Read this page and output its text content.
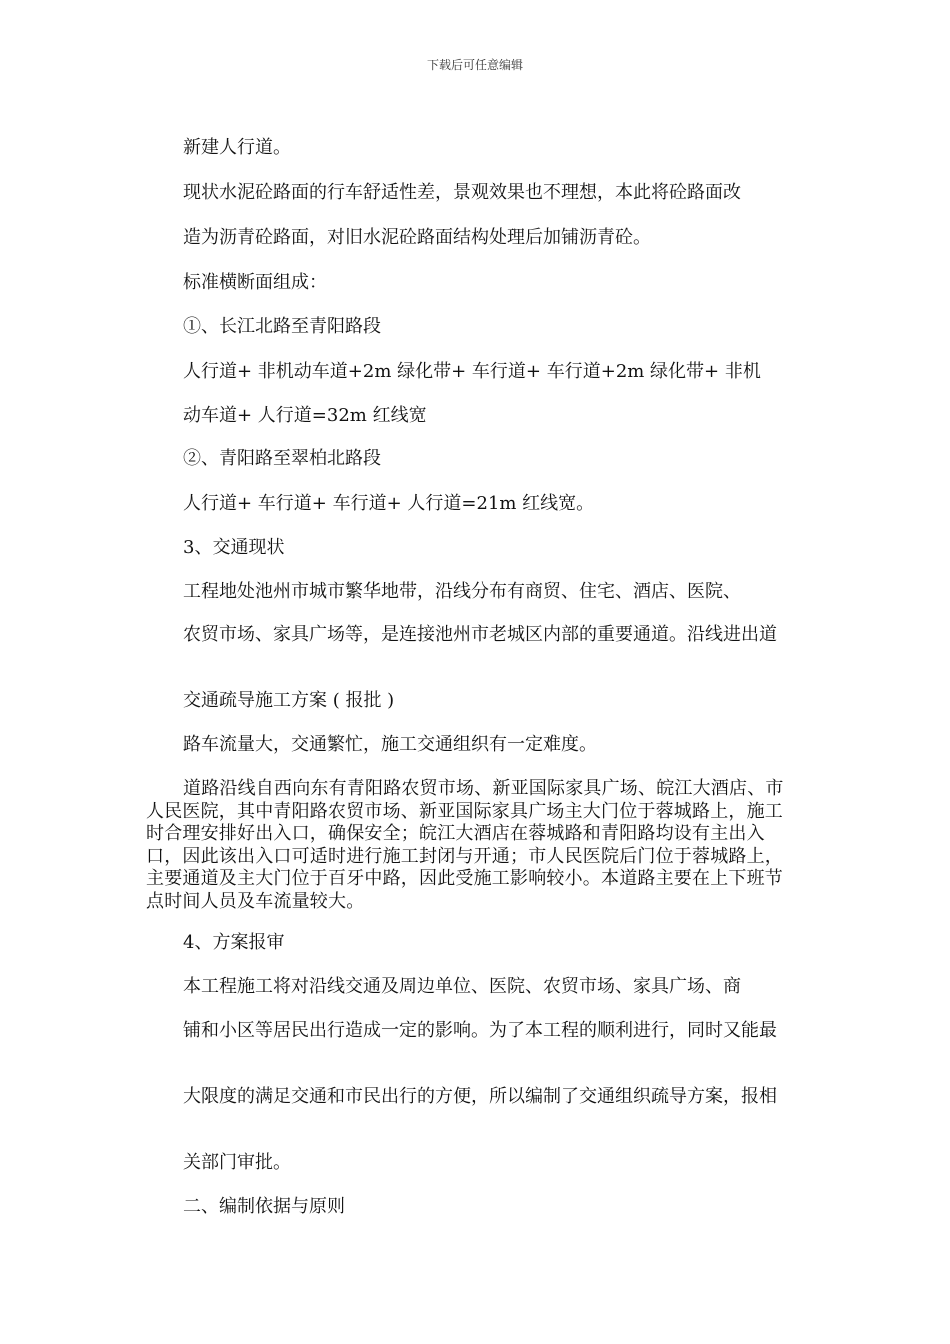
下载后可任意编辑
新建人行道。
现状水泥砼路面的行车舒适性差，景观效果也不理想，本此将砼路面改
造为沥青砼路面，对旧水泥砼路面结构处理后加铺沥青砼。
标准横断面组成：
①、长江北路至青阳路段
人行道+ 非机动车道+2m 绿化带+ 车行道+ 车行道+2m 绿化带+ 非机
动车道+ 人行道=32m 红线宽
②、青阳路至翠柏北路段
人行道+ 车行道+ 车行道+ 人行道=21m 红线宽。
3、交通现状
工程地处池州市城市繁华地带，沿线分布有商贸、住宅、酒店、医院、
农贸市场、家具广场等，是连接池州市老城区内部的重要通道。沿线进出道
交通疏导施工方案 ( 报批 )
路车流量大，交通繁忙，施工交通组织有一定难度。
道路沿线自西向东有青阳路农贸市场、新亚国际家具广场、皖江大酒店、市人民医院，其中青阳路农贸市场、新亚国际家具广场主大门位于蓉城路上，施工时合理安排好出入口，确保安全；皖江大酒店在蓉城路和青阳路均设有主出入口，因此该出入口可适时进行施工封闭与开通；市人民医院后门位于蓉城路上，主要通道及主大门位于百牙中路，因此受施工影响较小。本道路主要在上下班节点时间人员及车流量较大。
4、方案报审
本工程施工将对沿线交通及周边单位、医院、农贸市场、家具广场、商
铺和小区等居民出行造成一定的影响。为了本工程的顺利进行，同时又能最
大限度的满足交通和市民出行的方便，所以编制了交通组织疏导方案，报相
关部门审批。
二、编制依据与原则
